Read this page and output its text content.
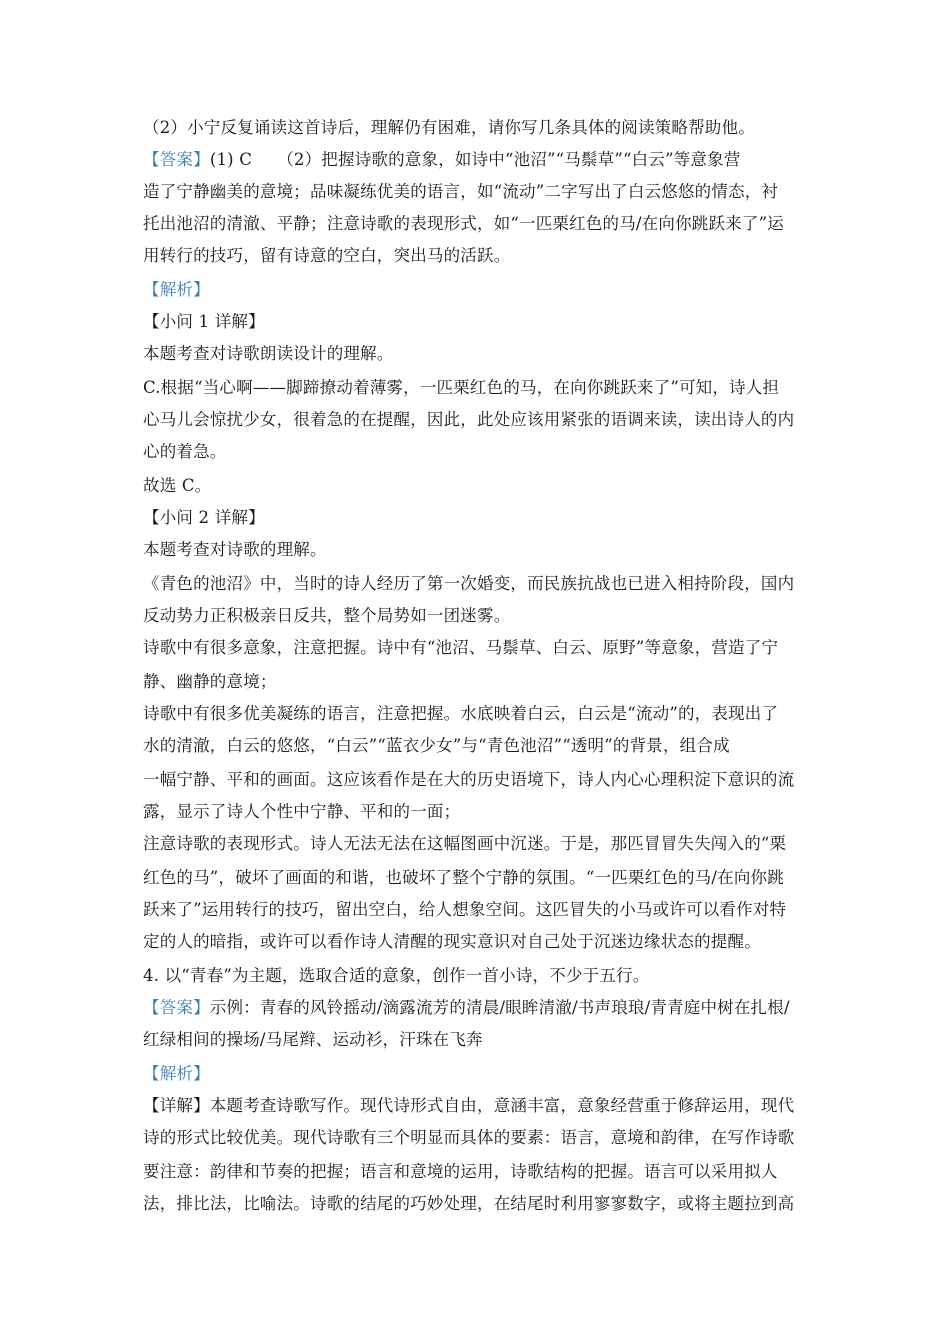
（2）小宁反复诵读这首诗后，理解仍有困难，请你写几条具体的阅读策略帮助他。
【答案】(1) C　　（2）把握诗歌的意象，如诗中“池沼”“马鬃草”“白云”等意象营
造了宁静幽美的意境；品味凝练优美的语言，如“流动”二字写出了白云悠悠的情态，衬
托出池沼的清澈、平静；注意诗歌的表现形式，如“一匹栗红色的马/在向你跳跃来了”运
用转行的技巧，留有诗意的空白，突出马的活跃。
【解析】
【小问 1 详解】
本题考查对诗歌朗读设计的理解。
C.根据“当心啊——脚蹄撩动着薄雾，一匹栗红色的马，在向你跳跃来了”可知，诗人担
心马儿会惊扰少女，很着急的在提醒，因此，此处应该用紧张的语调来读，读出诗人的内
心的着急。
故选 C。
【小问 2 详解】
本题考查对诗歌的理解。
《青色的池沼》中，当时的诗人经历了第一次婚变，而民族抗战也已进入相持阶段，国内
反动势力正积极亲日反共，整个局势如一团迷雾。
诗歌中有很多意象，注意把握。诗中有“池沼、马鬃草、白云、原野”等意象，营造了宁
静、幽静的意境；
诗歌中有很多优美凝练的语言，注意把握。水底映着白云，白云是“流动”的，表现出了
水的清澈，白云的悠悠，“白云”“蓝衣少女”与“青色池沼”“透明”的背景，组合成
一幅宁静、平和的画面。这应该看作是在大的历史语境下，诗人内心心理积淀下意识的流
露，显示了诗人个性中宁静、平和的一面；
注意诗歌的表现形式。诗人无法无法在这幅图画中沉迷。于是，那匹冒冒失失闯入的“栗
红色的马”，破坏了画面的和谐，也破坏了整个宁静的氛围。“一匹栗红色的马/在向你跳
跃来了”运用转行的技巧，留出空白，给人想象空间。这匹冒失的小马或许可以看作对特
定的人的暗指，或许可以看作诗人清醒的现实意识对自己处于沉迷边缘状态的提醒。
4. 以“青春”为主题，选取合适的意象，创作一首小诗，不少于五行。
【答案】示例：青春的风铃摇动/滴露流芳的清晨/眼眸清澈/书声琅琅/青青庭中树在扎根/
红绿相间的操场/马尾辫、运动衫，汗珠在飞奔
【解析】
【详解】本题考查诗歌写作。现代诗形式自由，意涵丰富，意象经营重于修辞运用，现代
诗的形式比较优美。现代诗歌有三个明显而具体的要素：语言，意境和韵律，在写作诗歌
要注意：韵律和节奏的把握；语言和意境的运用，诗歌结构的把握。语言可以采用拟人
法，排比法，比喻法。诗歌的结尾的巧妙处理，在结尾时利用寥寥数字，或将主题拉到高
